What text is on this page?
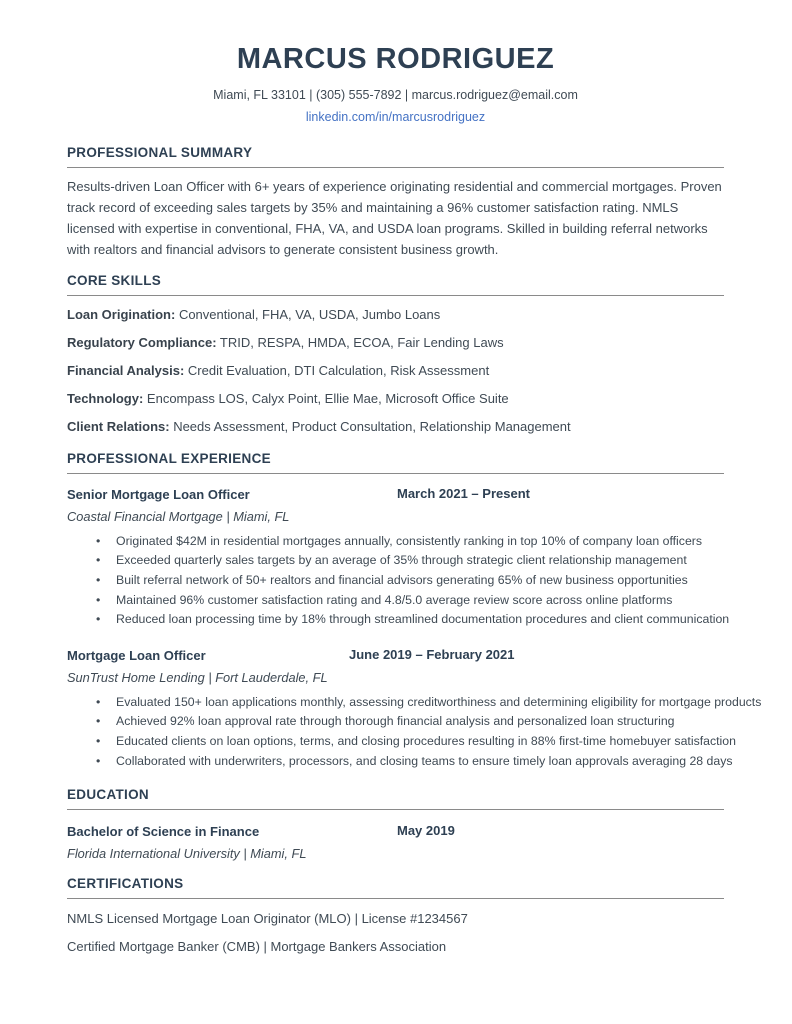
MARCUS RODRIGUEZ
Miami, FL 33101 | (305) 555-7892 | marcus.rodriguez@email.com
linkedin.com/in/marcusrodriguez
PROFESSIONAL SUMMARY

Results-driven Loan Officer with 6+ years of experience originating residential and commercial mortgages. Proven track record of exceeding sales targets by 35% and maintaining a 96% customer satisfaction rating. NMLS licensed with expertise in conventional, FHA, VA, and USDA loan programs. Skilled in building referral networks with realtors and financial advisors to generate consistent business growth.

CORE SKILLS

Loan Origination: Conventional, FHA, VA, USDA, Jumbo Loans

Regulatory Compliance: TRID, RESPA, HMDA, ECOA, Fair Lending Laws

Financial Analysis: Credit Evaluation, DTI Calculation, Risk Assessment

Technology: Encompass LOS, Calyx Point, Ellie Mae, Microsoft Office Suite

Client Relations: Needs Assessment, Product Consultation, Relationship Management

PROFESSIONAL EXPERIENCE
Senior Mortgage Loan Officer	March 2021 – Present
Coastal Financial Mortgage | Miami, FL
• Originated $42M in residential mortgages annually, consistently ranking in top 10% of company loan officers
• Exceeded quarterly sales targets by an average of 35% through strategic client relationship management
• Built referral network of 50+ realtors and financial advisors generating 65% of new business opportunities
• Maintained 96% customer satisfaction rating and 4.8/5.0 average review score across online platforms
• Reduced loan processing time by 18% through streamlined documentation procedures and client communication
Mortgage Loan Officer	June 2019 – February 2021
SunTrust Home Lending | Fort Lauderdale, FL
• Evaluated 150+ loan applications monthly, assessing creditworthiness and determining eligibility for mortgage products
• Achieved 92% loan approval rate through thorough financial analysis and personalized loan structuring
• Educated clients on loan options, terms, and closing procedures resulting in 88% first-time homebuyer satisfaction
• Collaborated with underwriters, processors, and closing teams to ensure timely loan approvals averaging 28 days
EDUCATION
Bachelor of Science in Finance	May 2019
Florida International University | Miami, FL
CERTIFICATIONS

NMLS Licensed Mortgage Loan Originator (MLO) | License #1234567

Certified Mortgage Banker (CMB) | Mortgage Bankers Association
